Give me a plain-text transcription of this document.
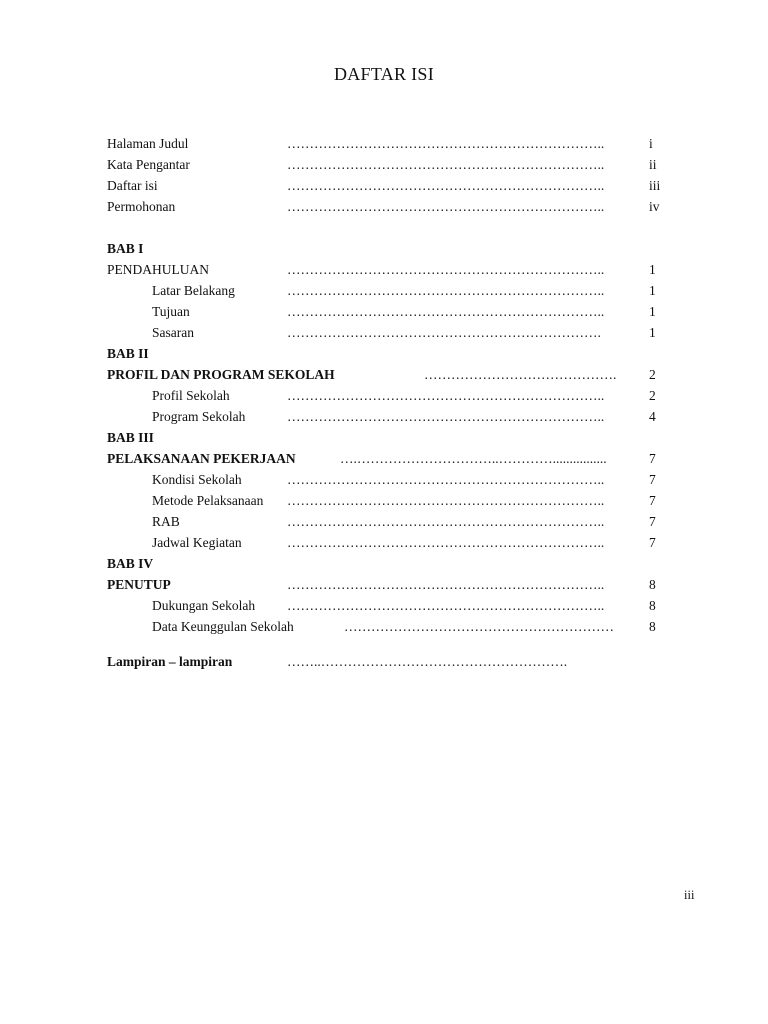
DAFTAR ISI
Halaman Judul	……………………………………………………………..	i
Kata Pengantar	……………………………………………………………..	ii
Daftar isi	……………………………………………………………..	iii
Permohonan	……………………………………………………………..	iv
BAB I
PENDAHULUAN	……………………………………………………………..	1
Latar Belakang	……………………………………………………………..	1
Tujuan	……………………………………………………………..	1
Sasaran	…………………………………………………………….	1
BAB II
PROFIL DAN PROGRAM SEKOLAH	…………………………………….	2
Profil Sekolah	……………………………………………………………..	2
Program Sekolah	……………………………………………………………..	4
BAB III
PELAKSANAAN PEKERJAAN	….…………………………..…………................	7
Kondisi Sekolah	……………………………………………………………..	7
Metode Pelaksanaan ……………………………………………………………..	7
RAB	……………………………………………………………..	7
Jadwal Kegiatan	……………………………………………………………..	7
BAB IV
PENUTUP	……………………………………………………………..	8
Dukungan Sekolah ……………………………………………………………..	8
Data Keunggulan Sekolah	……………………………………………………	8
Lampiran – lampiran	……..……………………………………………….
iii
